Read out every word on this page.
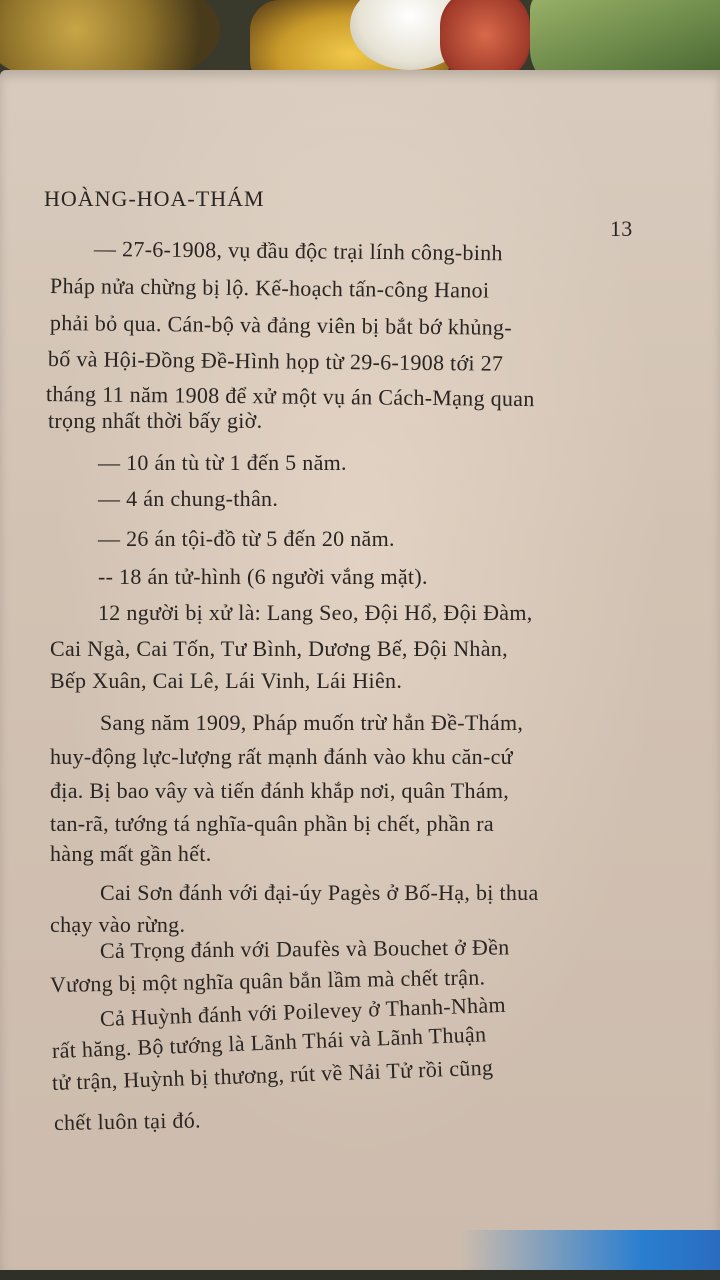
HOÀNG-HOA-THÁM
13
— 27-6-1908, vụ đầu độc trại lính công-binh
Pháp nửa chừng bị lộ. Kế-hoạch tấn-công Hanoi
phải bỏ qua. Cán-bộ và đảng viên bị bắt bớ khủng-
bố và Hội-Đồng Đề-Hình họp từ 29-6-1908 tới 27
tháng 11 năm 1908 để xử một vụ án Cách-Mạng quan
trọng nhất thời bấy giờ.
— 10 án tù từ 1 đến 5 năm.
— 4 án chung-thân.
— 26 án tội-đồ từ 5 đến 20 năm.
-- 18 án tử-hình (6 người vắng mặt).
12 người bị xử là: Lang Seo, Đội Hổ, Đội Đàm,
Cai Ngà, Cai Tốn, Tư Bình, Dương Bế, Đội Nhàn,
Bếp Xuân, Cai Lê, Lái Vinh, Lái Hiên.
Sang năm 1909, Pháp muốn trừ hẳn Đề-Thám,
huy-động lực-lượng rất mạnh đánh vào khu căn-cứ
địa. Bị bao vây và tiến đánh khắp nơi, quân Thám,
tan-rã, tướng tá nghĩa-quân phần bị chết, phần ra
hàng mất gần hết.
Cai Sơn đánh với đại-úy Pagès ở Bố-Hạ, bị thua
chạy vào rừng.
Cả Trọng đánh với Daufès và Bouchet ở Đền
Vương bị một nghĩa quân bắn lầm mà chết trận.
Cả Huỳnh đánh với Poilevey ở Thanh-Nhàm
rất hăng. Bộ tướng là Lãnh Thái và Lãnh Thuận
tử trận, Huỳnh bị thương, rút về Nải Tử rồi cũng
chết luôn tại đó.
